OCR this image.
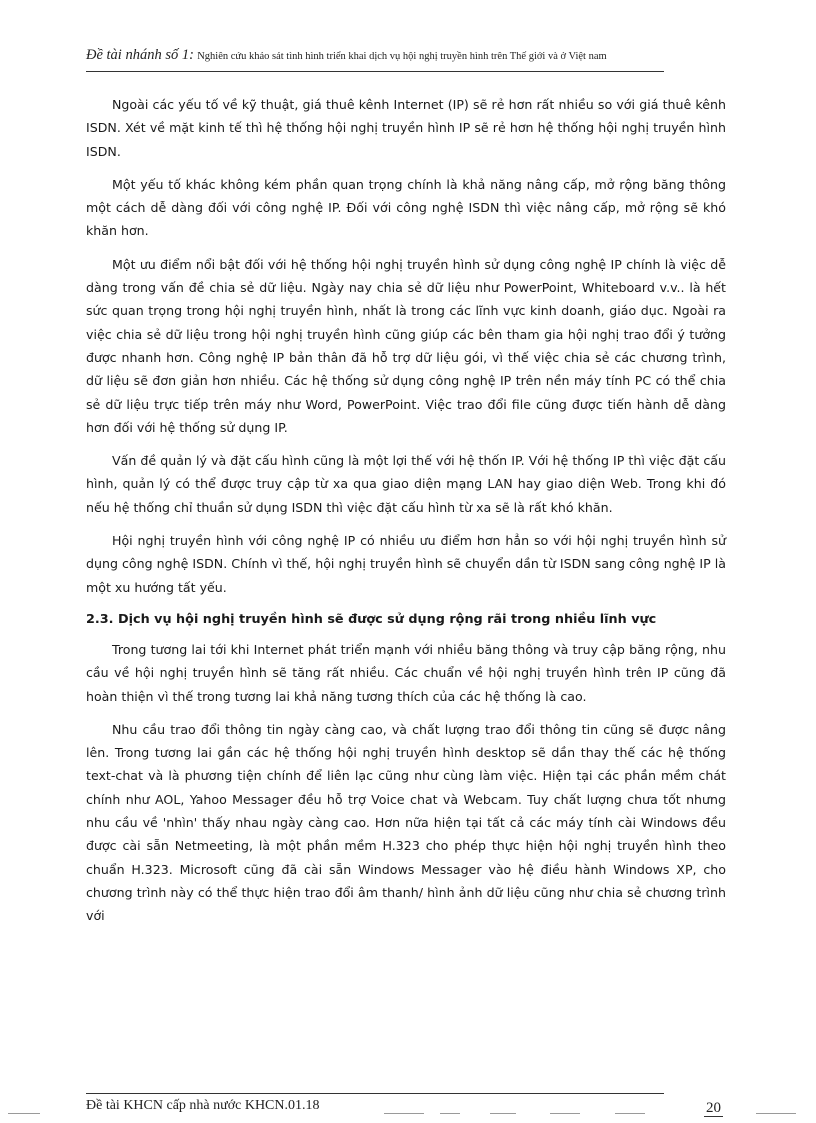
Đề tài nhánh số 1: Nghiên cứu khảo sát tình hình triển khai dịch vụ hội nghị truyền hình trên Thế giới và ở Việt nam

Ngoài các yếu tố về kỹ thuật, giá thuê kênh Internet (IP) sẽ rẻ hơn rất nhiều so với giá thuê kênh ISDN. Xét về mặt kinh tế thì hệ thống hội nghị truyền hình IP sẽ rẻ hơn hệ thống hội nghị truyền hình ISDN.

Một yếu tố khác không kém phần quan trọng chính là khả năng nâng cấp, mở rộng băng thông một cách dễ dàng đối với công nghệ IP. Đối với công nghệ ISDN thì việc nâng cấp, mở rộng sẽ khó khăn hơn.

Một ưu điểm nổi bật đối với hệ thống hội nghị truyền hình sử dụng công nghệ IP chính là việc dễ dàng trong vấn đề chia sẻ dữ liệu. Ngày nay chia sẻ dữ liệu như PowerPoint, Whiteboard v.v.. là hết sức quan trọng trong hội nghị truyền hình, nhất là trong các lĩnh vực kinh doanh, giáo dục. Ngoài ra việc chia sẻ dữ liệu trong hội nghị truyền hình cũng giúp các bên tham gia hội nghị trao đổi ý tưởng được nhanh hơn. Công nghệ IP bản thân đã hỗ trợ dữ liệu gói, vì thế việc chia sẻ các chương trình, dữ liệu sẽ đơn giản hơn nhiều. Các hệ thống sử dụng công nghệ IP trên nền máy tính PC có thể chia sẻ dữ liệu trực tiếp trên máy như Word, PowerPoint. Việc trao đổi file cũng được tiến hành dễ dàng hơn đối với hệ thống sử dụng IP.

Vấn đề quản lý và đặt cấu hình cũng là một lợi thế với hệ thốn IP. Với hệ thống IP thì việc đặt cấu hình, quản lý có thể được truy cập từ xa qua giao diện mạng LAN hay giao diện Web. Trong khi đó nếu hệ thống chỉ thuần sử dụng ISDN thì việc đặt cấu hình từ xa sẽ là rất khó khăn.

Hội nghị truyền hình với công nghệ IP có nhiều ưu điểm hơn hẳn so với hội nghị truyền hình sử dụng công nghệ ISDN. Chính vì thế, hội nghị truyền hình sẽ chuyển dần từ ISDN sang công nghệ IP là một xu hướng tất yếu.

2.3. Dịch vụ hội nghị truyền hình sẽ được sử dụng rộng rãi trong nhiều lĩnh vực

Trong tương lai tới khi Internet phát triển mạnh với nhiều băng thông và truy cập băng rộng, nhu cầu về hội nghị truyền hình sẽ tăng rất nhiều. Các chuẩn về hội nghị truyền hình trên IP cũng đã hoàn thiện vì thế trong tương lai khả năng tương thích của các hệ thống là cao.

Nhu cầu trao đổi thông tin ngày càng cao, và chất lượng trao đổi thông tin cũng sẽ được nâng lên. Trong tương lai gần các hệ thống hội nghị truyền hình desktop sẽ dần thay thế các hệ thống text-chat và là phương tiện chính để liên lạc cũng như cùng làm việc. Hiện tại các phần mềm chát chính như AOL, Yahoo Messager đều hỗ trợ Voice chat và Webcam. Tuy chất lượng chưa tốt nhưng nhu cầu về 'nhìn' thấy nhau ngày càng cao. Hơn nữa hiện tại tất cả các máy tính cài Windows đều được cài sẵn Netmeeting, là một phần mềm H.323 cho phép thực hiện hội nghị truyền hình theo chuẩn H.323. Microsoft cũng đã cài sẵn Windows Messager vào hệ điều hành Windows XP, cho chương trình này có thể thực hiện trao đổi âm thanh/ hình ảnh dữ liệu cũng như chia sẻ chương trình với

Đề tài KHCN cấp nhà nước KHCN.01.18	20
